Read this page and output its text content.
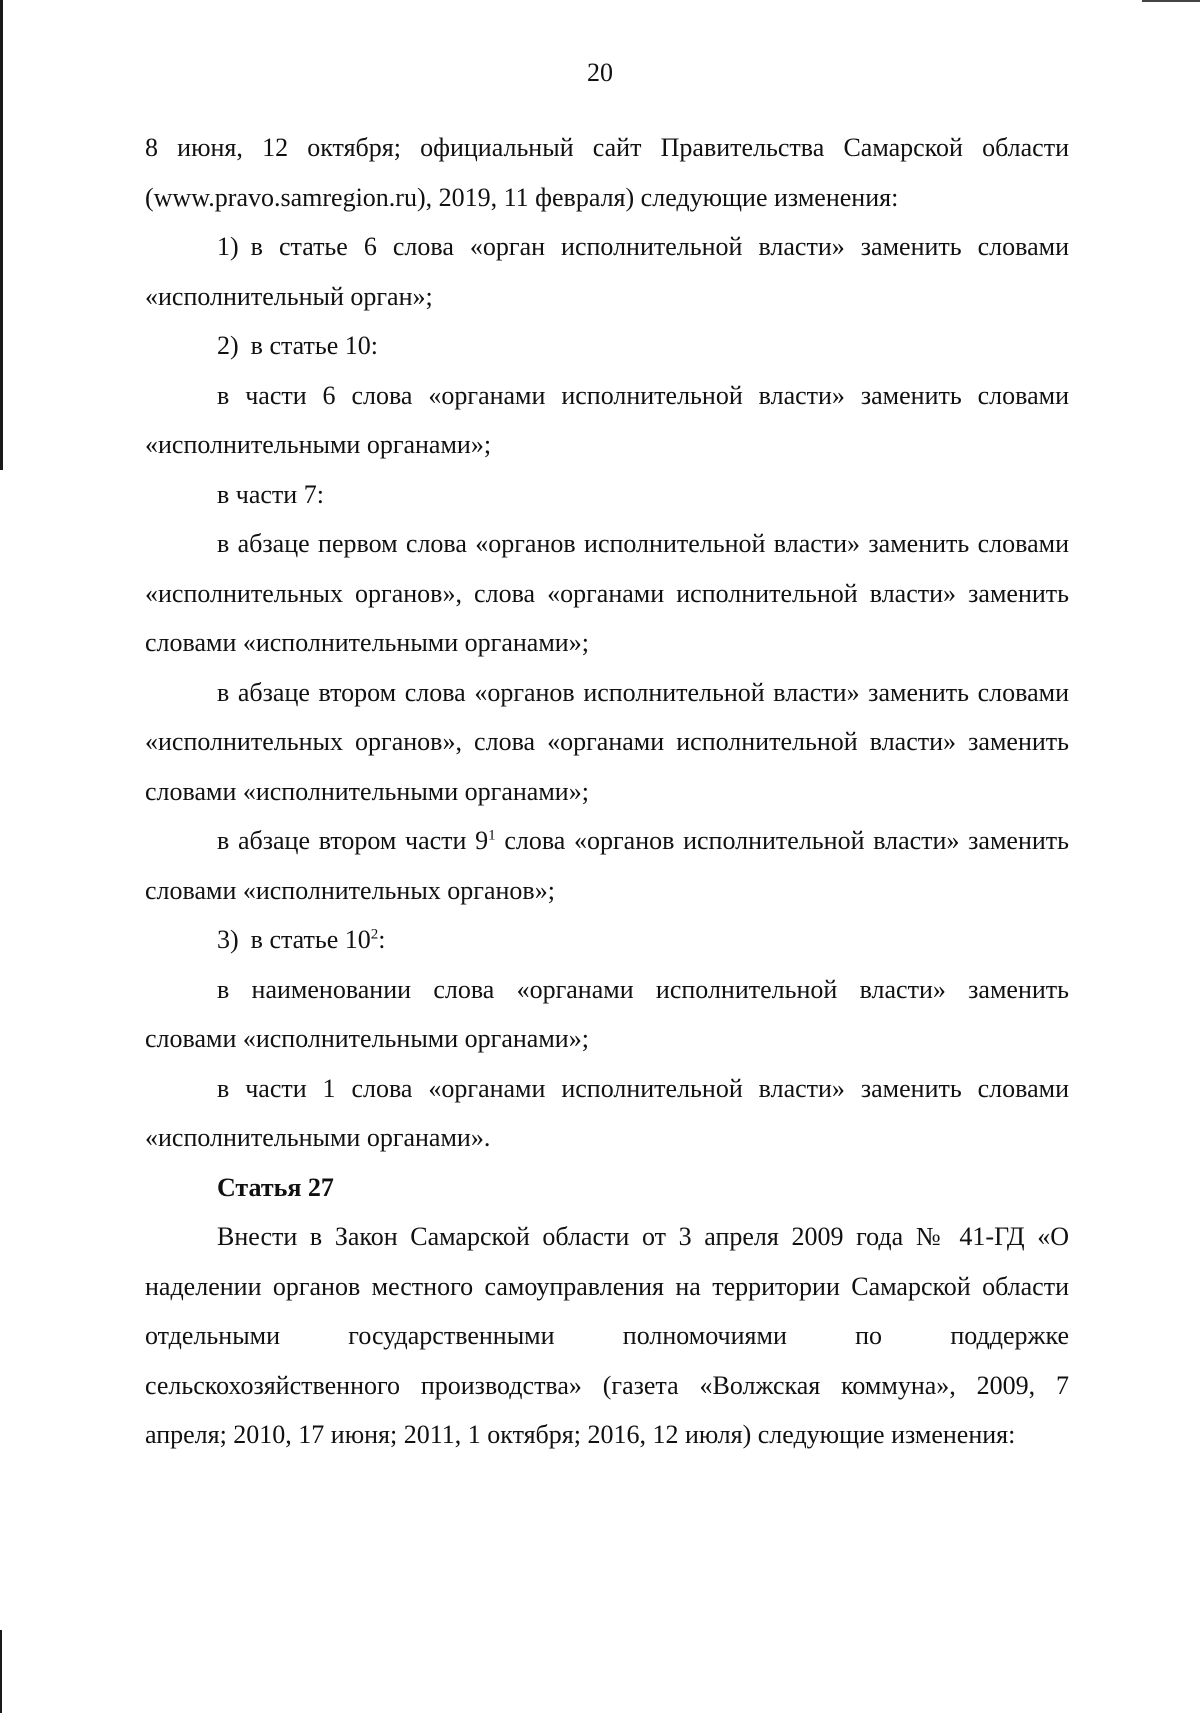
20

8 июня, 12 октября; официальный сайт Правительства Самарской области (www.pravo.samregion.ru), 2019, 11 февраля) следующие изменения:

1) в статье 6 слова «орган исполнительной власти» заменить словами «исполнительный орган»;

2) в статье 10:

в части 6 слова «органами исполнительной власти» заменить словами «исполнительными органами»;

в части 7:

в абзаце первом слова «органов исполнительной власти» заменить словами «исполнительных органов», слова «органами исполнительной власти» заменить словами «исполнительными органами»;

в абзаце втором слова «органов исполнительной власти» заменить словами «исполнительных органов», слова «органами исполнительной власти» заменить словами «исполнительными органами»;

в абзаце втором части $9^1$ слова «органов исполнительной власти» заменить словами «исполнительных органов»;

3) в статье $10^2$:

в наименовании слова «органами исполнительной власти» заменить словами «исполнительными органами»;

в части 1 слова «органами исполнительной власти» заменить словами «исполнительными органами».

Статья 27

Внести в Закон Самарской области от 3 апреля 2009 года № 41-ГД «О наделении органов местного самоуправления на территории Самарской области отдельными государственными полномочиями по поддержке сельскохозяйственного производства» (газета «Волжская коммуна», 2009, 7 апреля; 2010, 17 июня; 2011, 1 октября; 2016, 12 июля) следующие изменения:
